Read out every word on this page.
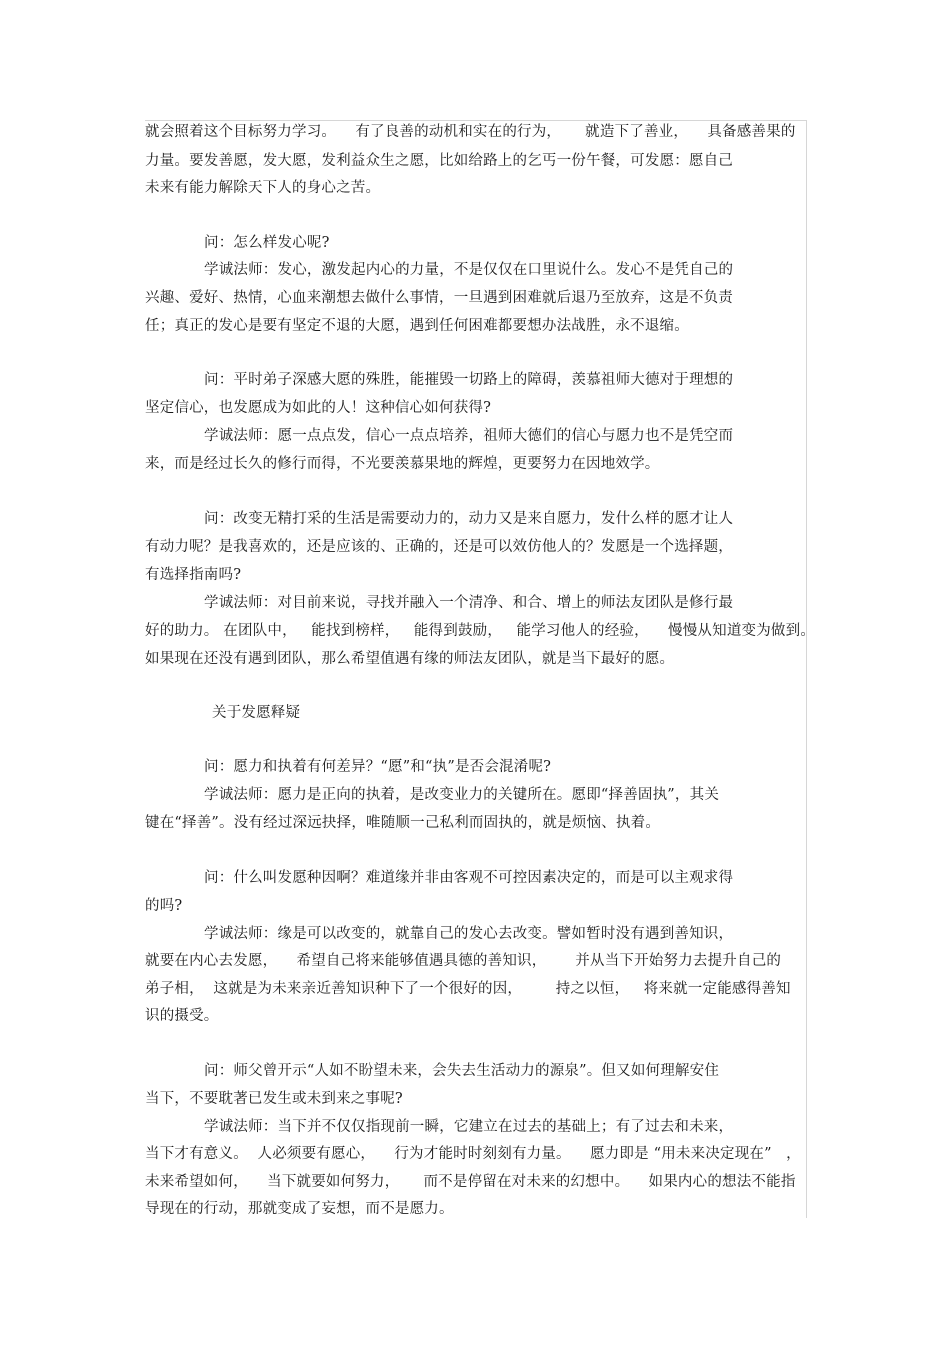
就会照着这个目标努力学习。    有了良善的动机和实在的行为，     就造下了善业，    具备感善果的
力量。要发善愿，发大愿，发利益众生之愿，比如给路上的乞丐一份午餐，可发愿：愿自己
未来有能力解除天下人的身心之苦。
问：怎么样发心呢?
学诚法师：发心，激发起内心的力量，不是仅仅在口里说什么。发心不是凭自己的
兴趣、爱好、热情，心血来潮想去做什么事情，一旦遇到困难就后退乃至放弃，这是不负责
任；真正的发心是要有坚定不退的大愿，遇到任何困难都要想办法战胜，永不退缩。
问：平时弟子深感大愿的殊胜，能摧毁一切路上的障碍，羡慕祖师大德对于理想的
坚定信心，也发愿成为如此的人！这种信心如何获得?
学诚法师：愿一点点发，信心一点点培养，祖师大德们的信心与愿力也不是凭空而
来，而是经过长久的修行而得，不光要羡慕果地的辉煌，更要努力在因地效学。
问：改变无精打采的生活是需要动力的，动力又是来自愿力，发什么样的愿才让人
有动力呢？是我喜欢的，还是应该的、正确的，还是可以效仿他人的？发愿是一个选择题，
有选择指南吗?
学诚法师：对目前来说，寻找并融入一个清净、和合、增上的师法友团队是修行最
好的助力。 在团队中，   能找到榜样，   能得到鼓励，   能学习他人的经验，    慢慢从知道变为做到。
如果现在还没有遇到团队，那么希望值遇有缘的师法友团队，就是当下最好的愿。
关于发愿释疑
问：愿力和执着有何差异？“愿”和“执”是否会混淆呢?
学诚法师：愿力是正向的执着，是改变业力的关键所在。愿即“择善固执”，其关
键在“择善”。没有经过深远抉择，唯随顺一己私利而固执的，就是烦恼、执着。
问：什么叫发愿种因啊？难道缘并非由客观不可控因素决定的，而是可以主观求得
的吗?
学诚法师：缘是可以改变的，就靠自己的发心去改变。譬如暂时没有遇到善知识，
就要在内心去发愿，    希望自己将来能够值遇具德的善知识，      并从当下开始努力去提升自己的
弟子相，  这就是为未来亲近善知识种下了一个很好的因，       持之以恒，   将来就一定能感得善知
识的摄受。
问：师父曾开示“人如不盼望未来，会失去生活动力的源泉”。但又如何理解安住
当下，不要耽著已发生或未到来之事呢?
学诚法师：当下并不仅仅指现前一瞬，它建立在过去的基础上；有了过去和未来，
当下才有意义。  人必须要有愿心，    行为才能时时刻刻有力量。    愿力即是 “用未来决定现在”   ，
未来希望如何，    当下就要如何努力，     而不是停留在对未来的幻想中。    如果内心的想法不能指
导现在的行动，那就变成了妄想，而不是愿力。
